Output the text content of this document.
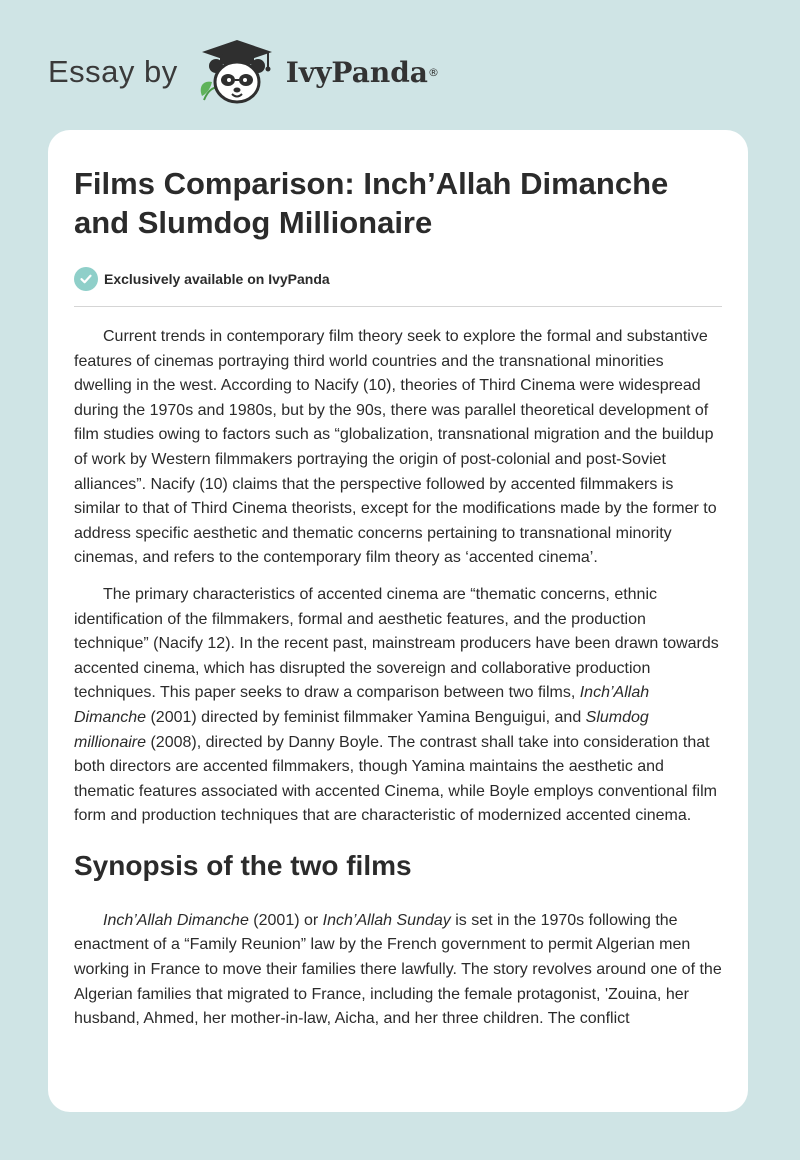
Essay by	IvyPanda ®
Films Comparison: Inch’Allah Dimanche and Slumdog Millionaire
Exclusively available on IvyPanda

Current trends in contemporary film theory seek to explore the formal and substantive features of cinemas portraying third world countries and the transnational minorities dwelling in the west. According to Nacify (10), theories of Third Cinema were widespread during the 1970s and 1980s, but by the 90s, there was parallel theoretical development of film studies owing to factors such as “globalization, transnational migration and the buildup of work by Western filmmakers portraying the origin of post-colonial and post-Soviet alliances”. Nacify (10) claims that the perspective followed by accented filmmakers is similar to that of Third Cinema theorists, except for the modifications made by the former to address specific aesthetic and thematic concerns pertaining to transnational minority cinemas, and refers to the contemporary film theory as ‘accented cinema’.

The primary characteristics of accented cinema are “thematic concerns, ethnic identification of the filmmakers, formal and aesthetic features, and the production technique” (Nacify 12). In the recent past, mainstream producers have been drawn towards accented cinema, which has disrupted the sovereign and collaborative production techniques. This paper seeks to draw a comparison between two films, Inch’Allah Dimanche (2001) directed by feminist filmmaker Yamina Benguigui, and Slumdog millionaire (2008), directed by Danny Boyle. The contrast shall take into consideration that both directors are accented filmmakers, though Yamina maintains the aesthetic and thematic features associated with accented Cinema, while Boyle employs conventional film form and production techniques that are characteristic of modernized accented cinema.

Synopsis of the two films

Inch’Allah Dimanche (2001) or Inch’Allah Sunday is set in the 1970s following the enactment of a “Family Reunion” law by the French government to permit Algerian men working in France to move their families there lawfully. The story revolves around one of the Algerian families that migrated to France, including the female protagonist, 'Zouina, her husband, Ahmed, her mother-in-law, Aicha, and her three children. The conflict
